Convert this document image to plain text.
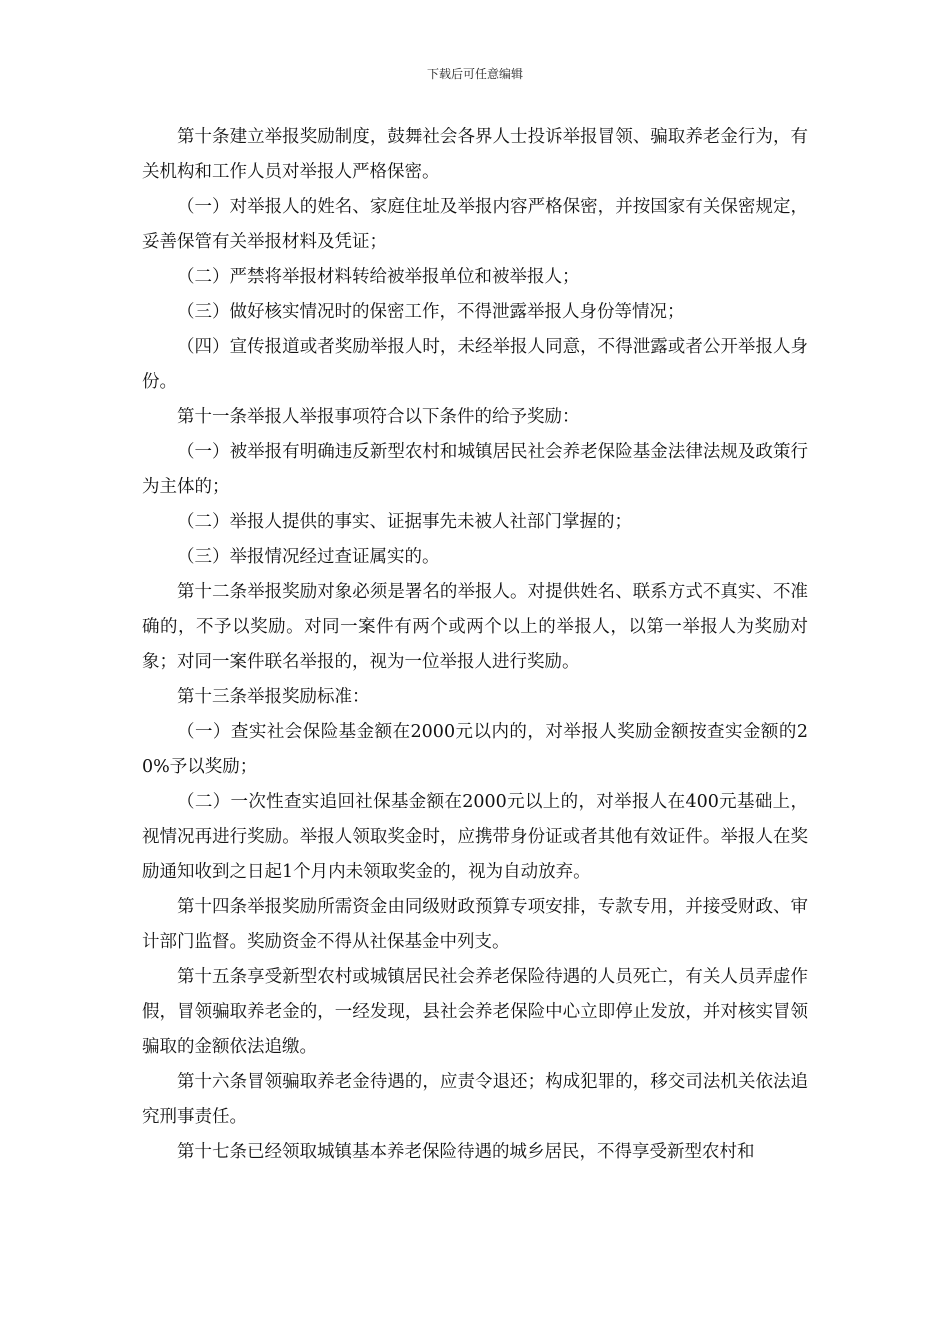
下载后可任意编辑

第十条建立举报奖励制度，鼓舞社会各界人士投诉举报冒领、骗取养老金行为，有关机构和工作人员对举报人严格保密。

（一）对举报人的姓名、家庭住址及举报内容严格保密，并按国家有关保密规定，妥善保管有关举报材料及凭证；

（二）严禁将举报材料转给被举报单位和被举报人；

（三）做好核实情况时的保密工作，不得泄露举报人身份等情况；

（四）宣传报道或者奖励举报人时，未经举报人同意，不得泄露或者公开举报人身份。

第十一条举报人举报事项符合以下条件的给予奖励：

（一）被举报有明确违反新型农村和城镇居民社会养老保险基金法律法规及政策行为主体的；

（二）举报人提供的事实、证据事先未被人社部门掌握的；

（三）举报情况经过查证属实的。

第十二条举报奖励对象必须是署名的举报人。对提供姓名、联系方式不真实、不准确的，不予以奖励。对同一案件有两个或两个以上的举报人，以第一举报人为奖励对象；对同一案件联名举报的，视为一位举报人进行奖励。

第十三条举报奖励标准：

（一）查实社会保险基金额在2000元以内的，对举报人奖励金额按查实金额的20%予以奖励；

（二）一次性查实追回社保基金额在2000元以上的，对举报人在400元基础上，视情况再进行奖励。举报人领取奖金时，应携带身份证或者其他有效证件。举报人在奖励通知收到之日起1个月内未领取奖金的，视为自动放弃。

第十四条举报奖励所需资金由同级财政预算专项安排，专款专用，并接受财政、审计部门监督。奖励资金不得从社保基金中列支。

第十五条享受新型农村或城镇居民社会养老保险待遇的人员死亡，有关人员弄虚作假，冒领骗取养老金的，一经发现，县社会养老保险中心立即停止发放，并对核实冒领骗取的金额依法追缴。

第十六条冒领骗取养老金待遇的，应责令退还；构成犯罪的，移交司法机关依法追究刑事责任。

第十七条已经领取城镇基本养老保险待遇的城乡居民，不得享受新型农村和
